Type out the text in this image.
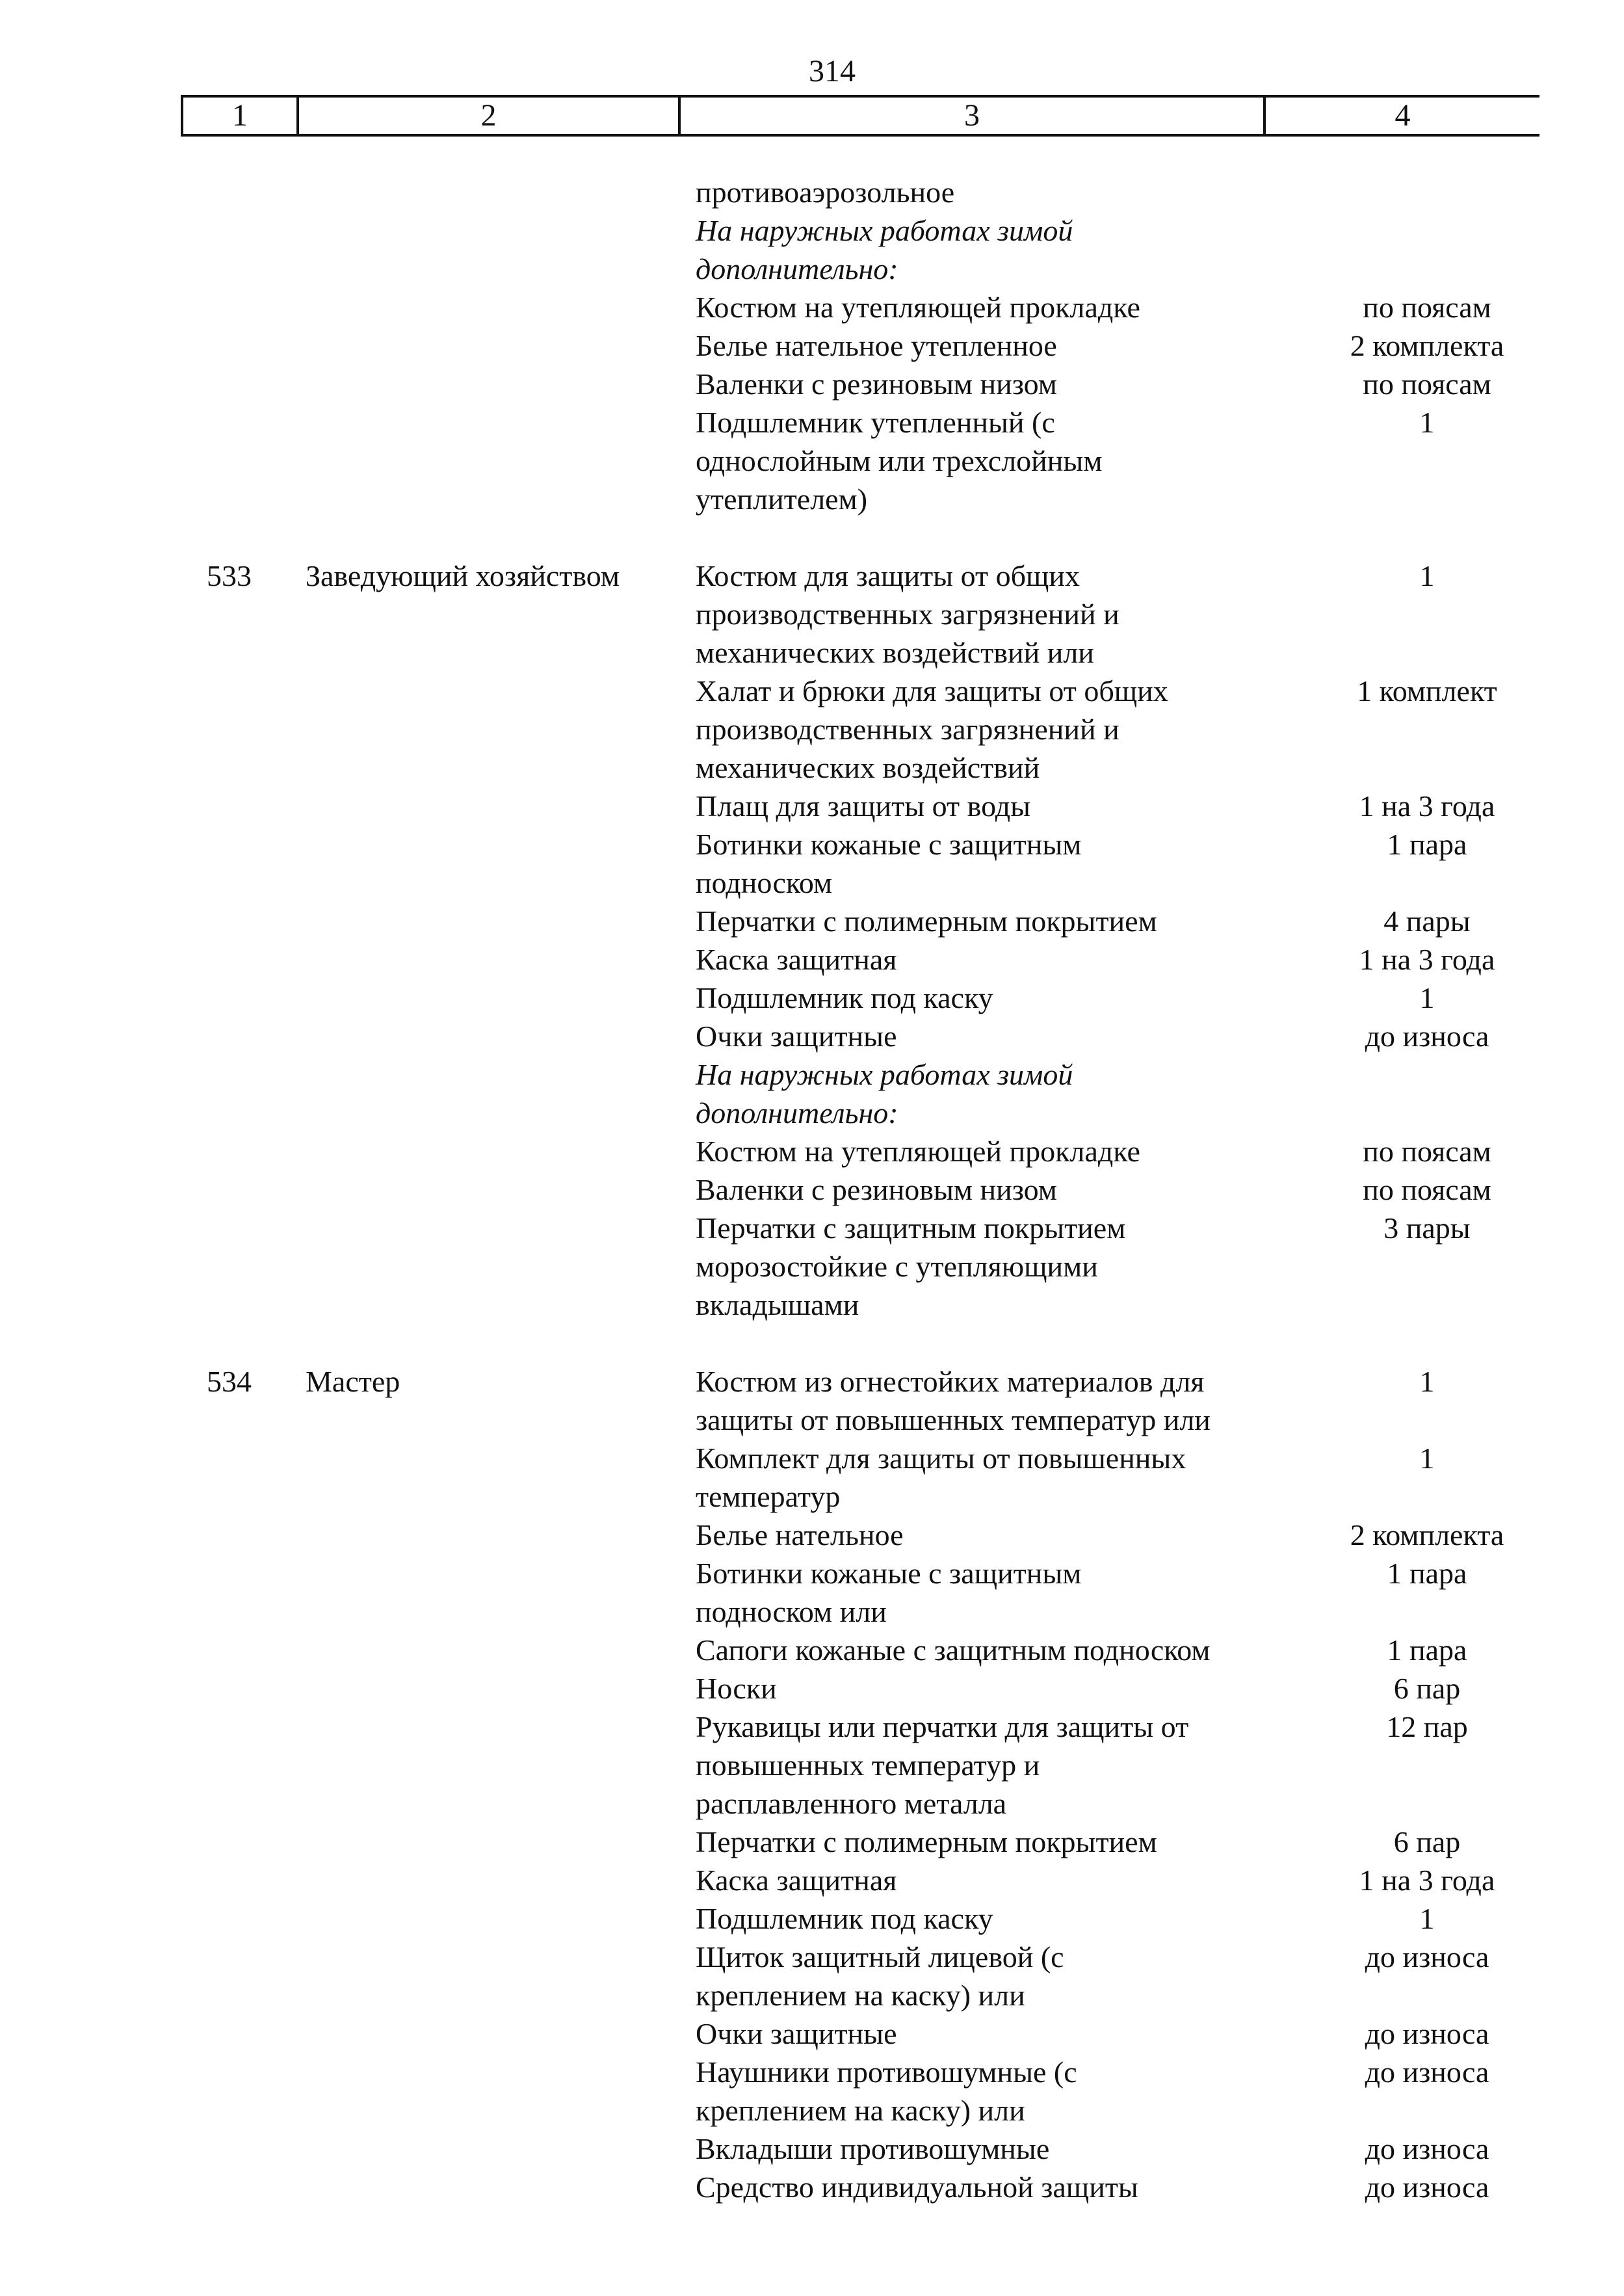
314
1	2	3	4
противоаэрозольное
На наружных работах зимой
дополнительно:
Костюм на утепляющей прокладке	по поясам
Белье нательное утепленное	2 комплекта
Валенки с резиновым низом	по поясам
Подшлемник утепленный (с	1
однослойным или трехслойным
утеплителем)
533	Заведующий хозяйством	Костюм для защиты от общих	1
производственных загрязнений и
механических воздействий или
Халат и брюки для защиты от общих	1 комплект
производственных загрязнений и
механических воздействий
Плащ для защиты от воды	1 на 3 года
Ботинки кожаные с защитным	1 пара
подноском
Перчатки с полимерным покрытием	4 пары
Каска защитная	1 на 3 года
Подшлемник под каску	1
Очки защитные	до износа
На наружных работах зимой
дополнительно:
Костюм на утепляющей прокладке	по поясам
Валенки с резиновым низом	по поясам
Перчатки с защитным покрытием	3 пары
морозостойкие с утепляющими
вкладышами
534	Мастер	Костюм из огнестойких материалов для	1
защиты от повышенных температур или
Комплект для защиты от повышенных	1
температур
Белье нательное	2 комплекта
Ботинки кожаные с защитным	1 пара
подноском или
Сапоги кожаные с защитным подноском	1 пара
Носки	6 пар
Рукавицы или перчатки для защиты от	12 пар
повышенных температур и
расплавленного металла
Перчатки с полимерным покрытием	6 пар
Каска защитная	1 на 3 года
Подшлемник под каску	1
Щиток защитный лицевой (с	до износа
креплением на каску) или
Очки защитные	до износа
Наушники противошумные (с	до износа
креплением на каску) или
Вкладыши противошумные	до износа
Средство индивидуальной защиты	до износа
